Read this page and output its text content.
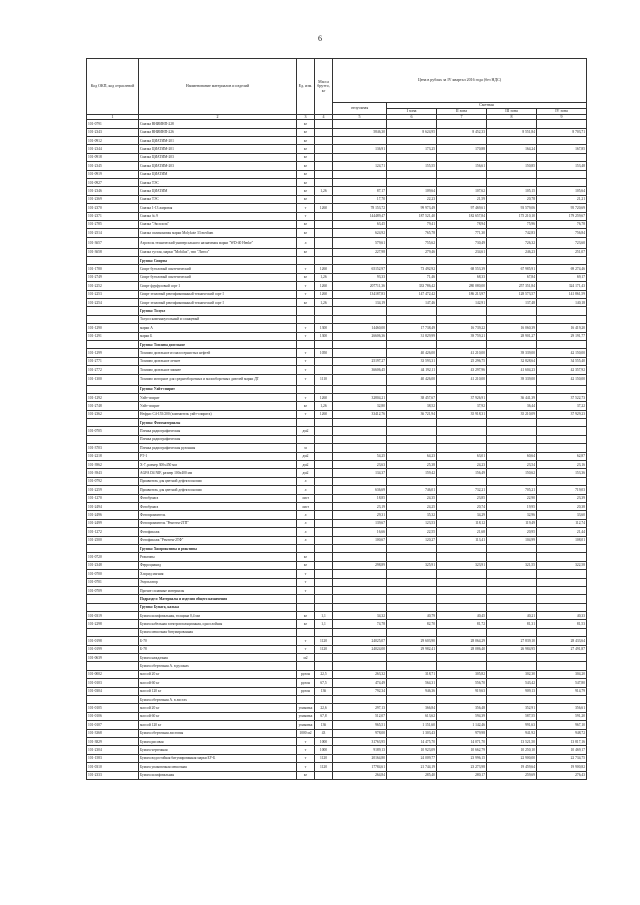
6
Код ОКП, код отраслевой	Наименование материалов и изделий	Ед. изм.	Масса брутто, кг	Цена в рублях за IV квартал 2016 года (без НДС)				
				отпускная	Сметная			
					I зона	II зона	III зона	IV зона
1	2	3	4	5	6	7	8	9
101-0791	Смазка ВНИИНП-228	кг						
101-2343	Смазка ВНИИНП-226	кг		5846,30	8 624,95	8 452,33	8 551,84	8 703,71
101-0912	Смазка ЦИАТИМ-201	кг						
101-2344	Смазка ЦИАТИМ-201	кг		136,91	173,25	170,88	164,24	167,85
101-0918	Смазка ЦИАТИМ-203	кг						
101-2345	Смазка ЦИАТИМ-203	кг		124,71	155,55	156,61	150,85	153,48
101-0919	Смазка ЦИАТИМ	кг						
101-0927	Смазка ТЭС	кг						
101-2346	Смазка ЦИАТИМ	кг	1,26	87,17	109,64	107,62	105,15	105,64
101-2369	Смазка ТЭС	кг		17,70	22,23	21,59	20,78	21,21
101-2370	Смазка 1-13 жировая	т	1260	78 153,72	99 973,49	97 469,61	93 579,06	95 720,69
101-2371	Смазка № 9	т		144489,47	187 521,40	182 657,84	175 210,10	179 259,67
101-2785	Смазка "Эксплоза"	кг		63,45	79,41	78,94	75,96	76,78
101-2514	Смазка силиконовая марки Molykote 33 medium	кг		624,92	765,78	771,30	742,83	756,84
101-3657	Аэрозоль технический универсального назначения марки "WD-40 Henke"	л		579,61	755,62	730,49	726,32	723,60
101-3658	Смазка густая, марки "Mobilux", тип "Литол"	кг		227,98	279,46	234,61	246,23	251,07
	Группа: Спирты							
101-1780	Спирт бутиловый синтетический	т	1260	65152,97	73 492,92	68 553,39	67 985,91	69 274,46
101-2749	Спирт бутиловый синтетический	кг	1,26	93,33	71,46	68,33	67,84	69,17
101-2252	Спирт фурфуловый сорт 1	т	1260	207711,36	333 786,42	280 080,00	257 351,84	324 171,43
101-2253	Спирт этиловый ректификованный технический сорт I	т	1260	134187,83	147 472,42	186 213,97	128 573,57	141 861,59
101-2254	Спирт этиловый ректификованный технический сорт I	кг	1,26	134,19	147,46	142,91	137,48	140,18
	Группа: Толуол							
	Толуол каменноугольный и сланцевый							
101-1290	марки А	т	1300	14460,00	17 738,49	16 739,22	16 060,39	16 419,20
101-1291	марки Б	т	1300	26606,36	31 829,99	39 759,21	28 901,27	29 191,77
	Группа: Топлива дизельное							
101-1299	Топливо дизельное из малосернистых нефтей	т	1050		40 426,00	41 210,00	39 339,00	42 150,00
101-2771	Топливо дизельное летнее	т		25197,27	33 593,31	25 296,75	32 828,64	34 555,40
101-2772	Топливо дизельное зимнее	т		36606,45	44 192,11	43 297,96	41 604,23	42 357,92
101-1300	Топливо моторное для среднеоборотных и малооборотных дизелей марки ДТ	т	1110		40 426,00	41 210,00	39 339,00	42 150,00
	Группа: Уайт-спирит							
101-1292	Уайт-спирит	т	1260	32804,21	38 457,67	37 926,91	36 441,39	37 522,73
101-2748	Уайт-спирит	кг	1,26	32,80	38,52	37,92	36,44	37,22
101-2362	Нефрас С4-155/200 (заменитель уайт-спирита)	т	1260	33412,76	36 721,94	35 918,31	35 210,09	37 929,23
	Группа: Фотоматериалы							
101-0705	Пленка радиографическая	дм2						
	Пленка радиографическая							
101-3703	Пленка радиографическая рулонная	м						
101-2218	РТ-1	дм2		54,25	64,23	63,01	60,64	62,87
101-3962	Х-7, размер 300х450 мм	дм2		23,63	25,38	24,23	23,54	23,16
101-3943	AGFA D4 NIF, размер 100х400 мм	дм2		134,37	159,42	156,49	150,62	153,36
101-0792	Проявитель для цветной дефектоскопии	л						
101-2259	Проявитель для цветной дефектоскопии	л		636,69	746,01	732,21	705,21	719,03
101-1270	Фотобумага	лист		18,85	24,35	23,85	22,90	23,39
101-2494	Фотобумага	лист		23,19	24,25	20,74	19,95	20,38
101-2496	Фотопроявитель	л		29,31	35,32	34,29	32,96	33,60
101-2499	Фотопроявитель "Рентген-2ТП"	л		139,67	123,53	118,12	119,49	112,74
101-1272	Фотофиксаж	л		16,66	22,55	21,68	20,95	21,44
101-2500	Фотофиксаж "Рентген-2ТФ"	л		100,67	120,27	113,41	104,99	108,01
	Группа: Химреактивы и реактивы							
101-0720	Реактивы	кг						
101-2348	Ферроцианид	кг		298,89	325,91	323,91	321,55	322,58
101-0700	Хлорид магния	т						
101-0701	Эмульгатор	т						
101-0709	Прочие сплавные материалы	т						
	Подраздел: Материалы и изделия общего назначения							
	Группа: Бумага, калька							
101-0319	Бумага шлифовальная, толщина 0,4 мм	кг	1,1	34,32	40,79	40,45	40,21	40,33
101-2298	Бумага кабельная электроизоляционная, однослойная	кг	1,1	74,78	82,70	81,72	81,31	81,53
	Бумага мешочная битумированная							
101-0198	Б-70	т	1120	24025,07	29 603,90	28 064,29	27 839,10	28 433,64
101-0199	Б-78	т	1120	24024,00	29 982,41	28 086,40	26 984,95	27 491,87
101-0639	Бумага наждачная	м2						
	Бумага оберточная А. в рулонах							
101-0002	массой 20 кг	рулон	22,5	263,32	318,71	305,82	302,30	304,20
101-0103	массой 60 кг	рулон	67,5	474,49	564,31	556,70	543,42	547,80
101-0304	массой 120 кг	рулон	136	792,34	946,36	919,63	909,13	914,79
	Бумага оберточная А. в листах							
101-0105	массой 20 кг	упаковка	22,6	297,13	366,84	356,48	352,91	356,61
101-0106	массой 60 кг	упаковка	67,8	512,07	613,62	594,39	587,55	591,20
101-0107	массой 120 кг	упаковка	136	965,51	1 151,60	1 142,46	991,63	967,10
101-3368	Бумага оберточная листовая	1000 м2	43	978,00	1 303,43	979,98	941,92	948,72
101-3829	Бумага рисовая	т	1000	31763,95	14 475,70	14 071,70	13 521,50	13 817,16
101-2304	Бумага чертежная	т	1000	9189,13	10 923,09	10 662,79	10 250,10	10 469,17
101-1583	Бумага водостойкая битумированная марки БУ-Б	т	1120	20164,80	24 009,77	23 996,15	22 900,00	22 734,75
101-0310	Бумага упаковочная мешочная	т	1120	17784,61	21 744,19	23 273,98	19 459,64	19 900,82
101-2333	Бумага шлифовальная	кг		264,84	285,40	280,17	259,69	276,43
